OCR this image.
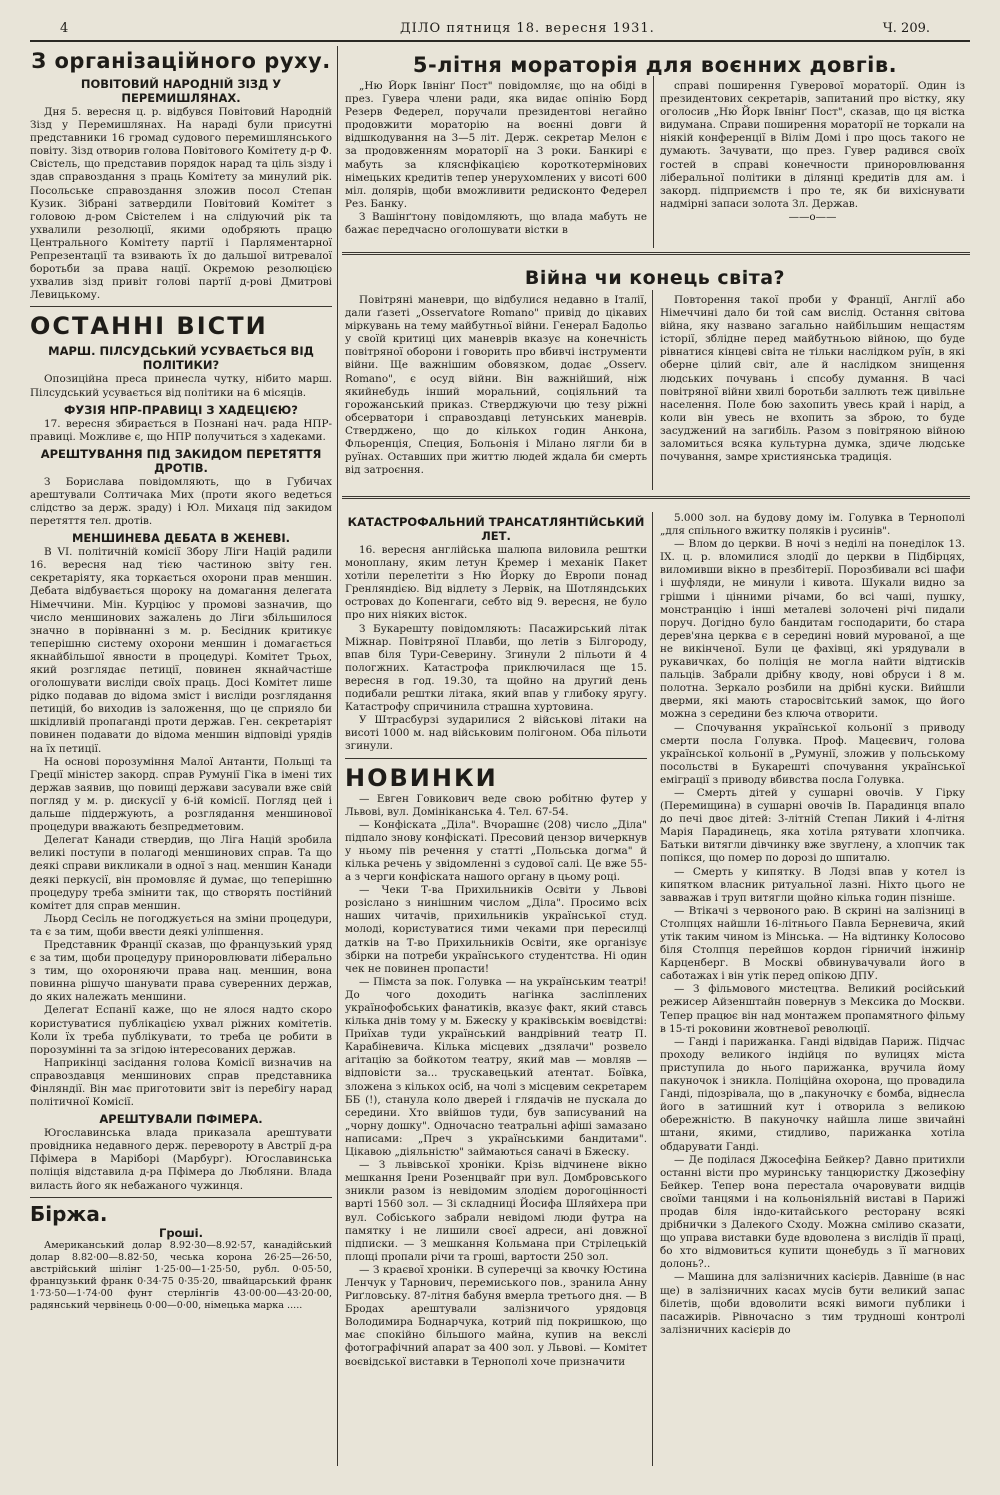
4	ДІЛО пятниця 18. вересня 1931.	Ч. 209.
З організаційного руху.
ПОВІТОВИЙ НАРОДНІЙ ЗІЗД У ПЕРЕМИШЛЯНАХ.

Дня 5. вересня ц. р. відбувся Повітовий Народній Зізд у Перемишлянах. На нараді були присутні представники 16 громад судового перемишлянського повіту. Зізд отворив голова Повітового Комітету д-р Ф. Свістель, що представив порядок нарад та ціль зізду і здав справоздання з праць Комітету за минулий рік. Посольське справоздання зложив посол Степан Кузик. Зібрані затвердили Повітовий Комітет з головою д-ром Свістелем і на слідуючий рік та ухвалили резолюції, якими одобряють працю Центрального Комітету партії і Парляментарної Репрезентації та взивають їх до дальшої витревалої боротьби за права нації. Окремою резолюцією ухвалив зізд привіт голові партії д-рові Дмитрові Левицькому.

ОСТАННІ ВІСТИ
МАРШ. ПІЛСУДСЬКИЙ УСУВАЄТЬСЯ ВІД ПОЛІТИКИ?

Опозиційна преса принесла чутку, нібито марш. Пілсудський усувається від політики на 6 місяців.

ФУЗІЯ НПР-ПРАВИЦІ З ХАДЕЦІЄЮ?

17. вересня збирається в Познані нач. рада НПР-правиці. Можливе є, що НПР получиться з хадеками.

АРЕШТУВАННЯ ПІД ЗАКИДОМ ПЕРЕТЯТТЯ ДРОТІВ.

З Борислава повідомляють, що в Губичах арештували Солтичака Мих (проти якого ведеться слідство за держ. зраду) і Юл. Михаця під закидом перетяття тел. дротів.

МЕНШИНЕВА ДЕБАТА В ЖЕНЕВІ.

В VI. політичній комісії Збору Ліги Націй радили 16. вересня над тією частиною звіту ген. секретаріяту, яка торкається охорони прав меншин. Дебата відбувається щороку на домагання делегата Німеччини. Мін. Курціюс у промові зазначив, що число меншинових зажалень до Ліги збільшилося значно в порівнанні з м. р. Бесідник критикує теперішню систему охорони меншин і домагається якнайбільшої явности в процедурі. Комітет Трьох, який розглядає петиції, повинен якнайчастіше оголошувати висліди своїх праць. Досі Комітет лише рідко подавав до відома зміст і висліди розглядання петицій, бо виходив із заложення, що це сприяло би шкідливій пропаганді проти держав. Ген. секретаріят повинен подавати до відома меншин відповіді урядів на їх петиції.

На основі порозуміння Малої Антанти, Польщі та Греції міністер закорд. справ Румунії Гіка в імені тих держав заявив, що повищі держави засували вже свій погляд у м. р. дискусії у 6-ій комісії. Погляд цей і дальше піддержують, а розглядання меншинової процедури вважають безпредметовим.

Делегат Канади ствердив, що Ліга Націй зробила великі поступи в полагоді меншинових справ. Та що деякі справи викликали в одної з нац. меншин Канади деякі перкусії, він промовляє й думає, що теперішню процедуру треба змінити так, що створять постійний комітет для справ меншин.

Льорд Сесіль не погоджується на зміни процедури, та є за тим, щоби ввести деякі уліпшення.

Представник Франції сказав, що французький уряд є за тим, щоби процедуру приноровлювати ліберально з тим, що охороняючи права нац. меншин, вона повинна рішучо шанувати права суверенних держав, до яких належать меншини.

Делегат Еспанії каже, що не ялося надто скоро користуватися публікацією ухвал ріжних комітетів. Коли їх треба публікувати, то треба це робити в порозумінні та за згідою інтересованих держав.

Наприкінці засідання голова Комісії визначив на справоздавця меншинових справ представника Фінляндії. Він має приготовити звіт із перебігу нарад політичної Комісії.

АРЕШТУВАЛИ ПФІМЕРА.

Югославинська влада приказала арештувати провідника недавного держ. перевороту в Австрії д-ра Пфімера в Маріборі (Марбург). Югославинська поліція відставила д-ра Пфімера до Любляни. Влада виласть його як небажаного чужинця.

Біржа.
Гроші.

Американський долар 8.92·30—8.92·57, канадійський долар 8.82·00—8.82·50, чеська корона 26·25—26·50, австрійський шілінг 1·25·00—1·25·50, рубл. 0·05·50, французький франк 0·34·75 0·35·20, швайцарський франк 1·73·50—1·74·00 фунт стерлінгів 43·00·00—43·20·00, радянський червінець 0·00—0·00, німецька марка .....

5-літня мораторія для воєнних довгів.

„Ню Йорк Івнінґ Пост" повідомляє, що на обіді в през. Гувера члени ради, яка видає опінію Борд Резерв Федерел, поручали президентові негайно продовжити мораторію на воєнні довги й відшкодування на 3—5 літ. Держ. секретар Мелон є за продовженням мораторії на 3 роки. Банкирі є мабуть за кляснфікацією короткотермінових німецьких кредитів тепер унерухомлених у висоті 600 міл. долярів, щоби вможливити редисконто Федерел Рез. Банку.

З Вашінґтону повідомляють, що влада мабуть не бажає передчасно оголошувати вістки в

справі поширення Гуверової мораторії. Один із президентових секретарів, запитаний про вістку, яку оголосив „Ню Йорк Івнінґ Пост", сказав, що ця вістка видумана. Справи поширення мораторії не торкали на ніякій конференції в Вілім Домі і про щось такого не думають. Зачувати, що през. Гувер радився своїх гостей в справі конечности приноровлювання ліберальної політики в ділянці кредитів для ам. і закорд. підприємств і про те, як би вихіснувати надмірні запаси золота Зл. Держав.

——о——
Війна чи конець світа?

Повітряні маневри, що відбулися недавно в Італії, дали ґазеті „Osservatore Romano" привід до цікавих міркувань на тему майбутньої війни. Генерал Бадольо у своїй критиці цих маневрів вказує на конечність повітряної оборони і говорить про вбивчі інструменти війни. Ще важнішим обовязком, додає „Osserv. Romano", є осуд війни. Він важнійший, ніж якийнебудь інший моральний, соціяльний та горожанський приказ. Стверджуючи цю тезу ріжні обсерватори і справоздавці летунських маневрів. Стверджено, що до кількох годин Анкона, Фльоренція, Специя, Больонія і Мілано лягли би в руїнах. Оставших при життю людей ждала би смерть від затроєння.

Повторення такої проби у Франції, Англії або Німеччині дало би той сам вислід. Остання світова війна, яку названо загально найбільшим нещастям історії, зблідне перед майбутньою війною, що буде рівнатися кінцеві світа не тільки наслідком руїн, в які оберне цілий світ, але й наслідком знищення людських почувань і спсобу думання. В часі повітряної війни хвилі боротьби заллють теж цивільне населення. Поле бою захопить увесь край і нарід, а коли він увесь не вхопить за зброю, то буде засуджений на загибіль. Разом з повітряною війною заломиться всяка культурна думка, здиче людське почування, замре християнська традиція.

КАТАСТРОФАЛЬНИЙ ТРАНСАТЛЯНТІЙСЬКИЙ ЛЕТ.

16. вересня англійська шалюпа виловила рештки моноплану, яким летун Кремер і механік Пакет хотіли перелетіти з Ню Йорку до Европи понад Гренляндією. Від відлету з Лервік, на Шотляндських островах до Копенгаги, себто від 9. вересня, не було про них ніяких вісток.

З Букарешту повідомляють: Пасажирський літак Міжнар. Повітряної Плавби, що летів з Білгороду, впав біля Тури-Северину. Згинули 2 пільоти й 4 пологжних. Катастрофа приключилася ще 15. вересня в год. 19.30, та щойно на другий день подибали рештки літака, який впав у глибоку яругу. Катастрофу спричинила страшна хуртовина.

У Штрасбурзі зударилися 2 військові літаки на висоті 1000 м. над військовим полігоном. Оба пільоти згинули.

НОВИНКИ

— Евген Говикович веде свою робітню футер у Львові, вул. Домініканська 4. Тел. 67-54.

— Конфіската „Діла". Вчорашнє (208) число „Діла" підпало знову конфіскаті. Пресовий цензор вичеркнув у ньому пів речення у статті „Польська догма" й кілька речень у звідомленні з судової салі. Це вже 55-а з черги конфіската нашого органу в цьому році.

— Чеки Т-ва Прихильників Освіти у Львові розіслано з нинішним числом „Діла". Просимо всіх наших читачів, прихильників української студ. молоді, користуватися тими чеками при пересилці датків на Т-во Прихильників Освіти, яке організує збірки на потреби українського студентства. Ні один чек не повинен пропасти!

— Пімста за пок. Голувка — на українським театрі! До чого доходить нагінка засліплених українофобських фанатиків, вказує факт, який ставсь кілька днів тому у м. Бжеску у краківськім воєвідстві: Приїхав туди український вандрівний театр П. Карабіневича. Кілька місцевих „дзялачи" розвело агітацію за бойкотом театру, який мав — мовляв — відповісти за... трускавецький атентат. Боївка, зложена з кількох осіб, на чолі з місцевим секретарем ББ (!), станула коло дверей і глядачів не пускала до середини. Хто ввійшов туди, був записуваний на „чорну дошку". Одночасно театральні афіші замазано написами: „Преч з українськими бандитами". Цікавою „діяльністю" займаються саначі в Бжеску.

— З львівської хроніки. Крізь відчинене вікно мешкання Ірени Розенцвайг при вул. Домбровського зникли разом із невідомим злодієм дорогоцінності варті 1560 зол. — Зі складниці Йосифа Шляйхера при вул. Собіського забрали невідомі люди футра на памятку і не лишили своєї адреси, ані довжної підписки. — З мешкання Кольмана при Стрілецькій площі пропали річи та гроші, вартости 250 зол.

— З краєвої хроніки. В суперечці за квочку Юстина Ленчук у Тарнович, перемиського пов., зранила Анну Риґловську. 87-літня бабуня вмерла третього дня. — В Бродах арештували залізничого урядовця Володимира Боднарчука, котрий під покришкою, що має спокійно більшого майна, купив на векслі фотографічний апарат за 400 зол. у Львові. — Комітет воєвідської виставки в Тернополі хоче призначити

5.000 зол. на будову дому ім. Голувка в Тернополі „для спільного вжитку поляків і русинів".

— Влом до церкви. В ночі з неділі на понеділок 13. IX. ц. р. вломилися злодії до церкви в Підбірцях, виломивши вікно в презбітерії. Порозбивали всі шафи і шуфляди, не минули і кивота. Шукали видно за грішми і цінними річами, бо всі чаші, пушку, монстранцію і інші металеві золочені річі пидали поруч. Догідно було бандитам господарити, бо стара дерев'яна церква є в середині новий мурованої, а ще не викінченої. Були це фахівці, які урядували в рукавичках, бо поліція не могла найти відтисків пальців. Забрали дрібну кводу, нові обруси і 8 м. полотна. Зеркало розбили на дрібні куски. Вийшли дверми, які мають старосвітський замок, що його можна з середини без ключа отворити.

— Спочування української кольонії з приводу смерти посла Голувка. Проф. Мацеєвич, голова української кольонії в „Румунії, зложив у польському посольстві в Букарешті спочування української еміграції з приводу вбивства посла Голувка.

— Смерть дітей у сушарні овочів. У Гірку (Перемищина) в сушарні овочів Ів. Парадинця впало до печі двоє дітей: 3-літній Степан Ликий і 4-літня Марія Парадинець, яка хотіла рятувати хлопчика. Батьки витягли дівчинку вже звуглену, а хлопчик так попікся, що помер по дорозі до шпиталю.

— Смерть у кипятку. В Лодзі впав у котел із кипятком власник ритуальної лазні. Ніхто цього не завважав і труп витягли щойно кілька годин пізніше.

— Втікачі з червоного раю. В скрині на залізниці в Столпцях найшли 16-літнього Павла Берневича, який утік таким чином із Мінська. — На відтинку Колосово біля Столпця перейшов кордон гірничий інжинір Карценберг. В Москві обвинувачували його в саботажах і він утік перед опікою ДПУ.

— З фільмового мистецтва. Великий російський режисер Айзенштайн повернув з Мексика до Москви. Тепер працює він над монтажем пропамятного фільму в 15-ті роковини жовтневої революції.

— Ганді і парижанка. Ганді відвідав Париж. Підчас проходу великого індійця по вулицях міста приступила до нього парижанка, вручила йому пакуночок і зникла. Поліційна охорона, що провадила Ганді, підозрівала, що в „пакуночку є бомба, віднесла його в затишний кут і отворила з великою обережністю. В пакуночку найшла лише звичайні штани, якими, стидливо, парижанка хотіла обдарувати Ганді.

— Де поділася Джосефіна Бейкер? Давно притихли останні вісти про муринську танцюристку Джозефіну Бейкер. Тепер вона перестала очаровувати видців своїми танцями і на кольоніяльній виставі в Парижі продав біля індо-китайського ресторану всякі дрібнички з Далекого Сходу. Можна сміливо сказати, що управа виставки буде вдоволена з вислідів її праці, бо хто відмовиться купити щонебудь з її магнових долонь?..

— Машина для залізничних касієрів. Давніше (в нас ще) в залізничних касах мусів бути великий запас білетів, щоби вдоволити всякі вимоги публики і пасажирів. Рівночасно з тим трудноші контролі залізничних касієрів до
